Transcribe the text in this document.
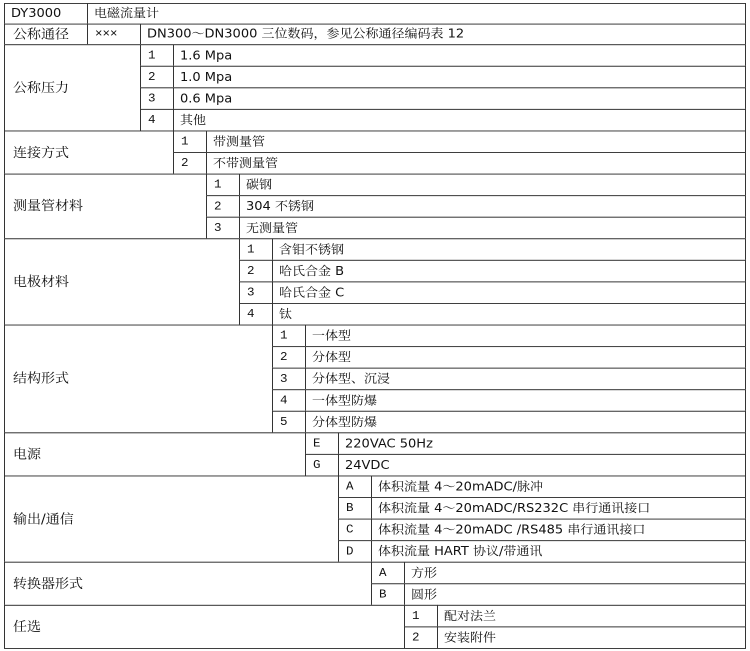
DY3000	电磁流量计
公称通径	×××	DN300～DN3000 三位数码，参见公称通径编码表 12
公称压力
1	1.6 Mpa
2	1.0 Mpa
3	0.6 Mpa
4	其他
连接方式
1	带测量管
2	不带测量管
测量管材料
1	碳钢
2	304 不锈钢
3	无测量管
电极材料
1	含钼不锈钢
2	哈氏合金 B
3	哈氏合金 C
4	钛
结构形式
1	一体型
2	分体型
3	分体型、沉浸
4	一体型防爆
5	分体型防爆
电源
E	220VAC 50Hz
G	24VDC
输出/通信
A	体积流量 4～20mADC/脉冲
B	体积流量 4～20mADC/RS232C 串行通讯接口
C	体积流量 4～20mADC /RS485 串行通讯接口
D	体积流量 HART 协议/带通讯
转换器形式
A	方形
B	圆形
任选
1	配对法兰
2	安装附件
